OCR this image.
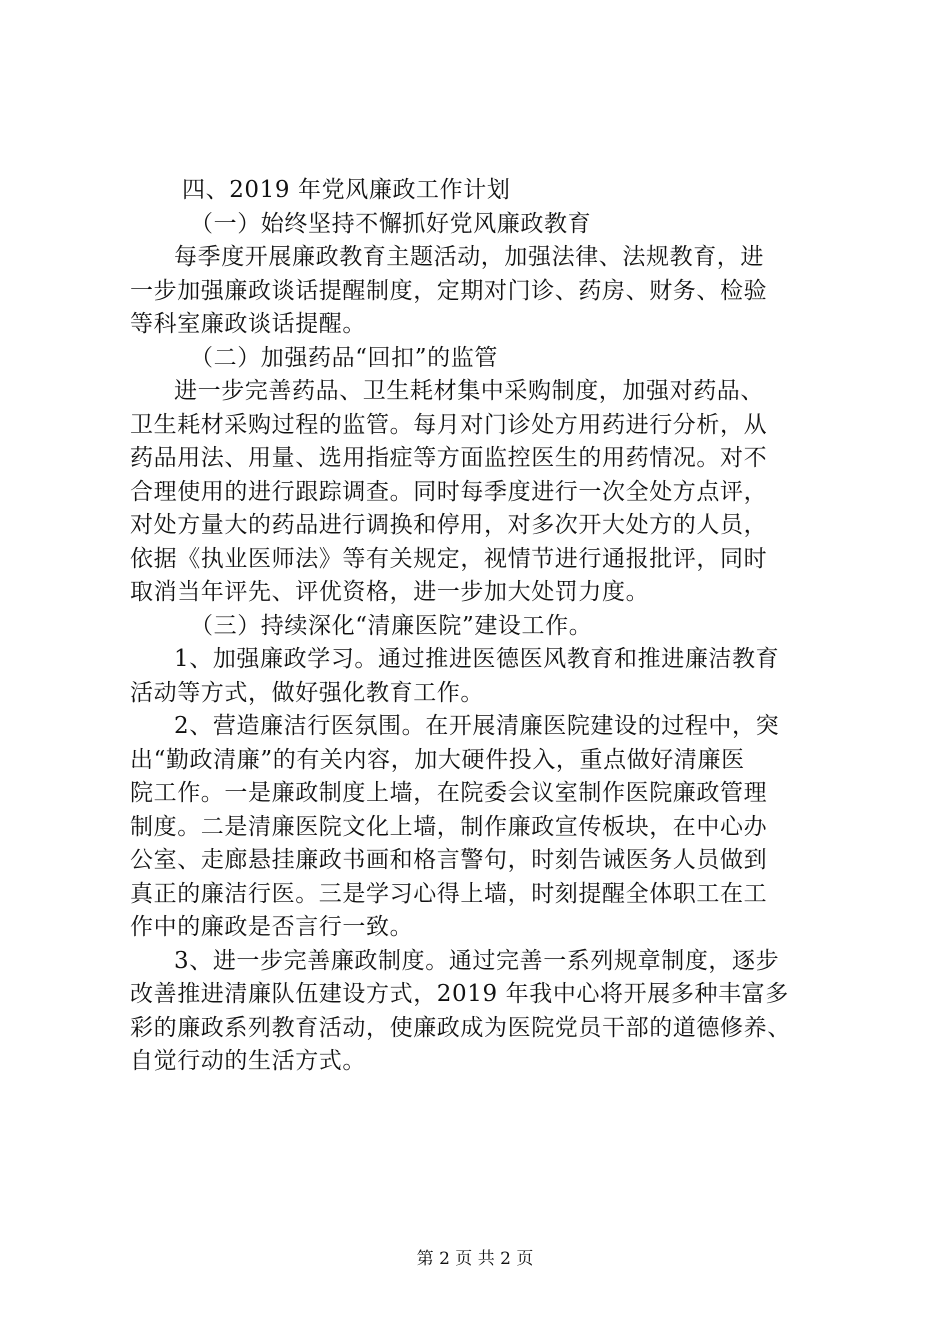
四、2019 年党风廉政工作计划
（一）始终坚持不懈抓好党风廉政教育
每季度开展廉政教育主题活动，加强法律、法规教育，进
一步加强廉政谈话提醒制度，定期对门诊、药房、财务、检验
等科室廉政谈话提醒。
（二）加强药品“回扣”的监管
进一步完善药品、卫生耗材集中采购制度，加强对药品、
卫生耗材采购过程的监管。每月对门诊处方用药进行分析，从
药品用法、用量、选用指症等方面监控医生的用药情况。对不
合理使用的进行跟踪调查。同时每季度进行一次全处方点评，
对处方量大的药品进行调换和停用，对多次开大处方的人员，
依据《执业医师法》等有关规定，视情节进行通报批评，同时
取消当年评先、评优资格，进一步加大处罚力度。
（三）持续深化“清廉医院”建设工作。
1、加强廉政学习。通过推进医德医风教育和推进廉洁教育
活动等方式，做好强化教育工作。
2、营造廉洁行医氛围。在开展清廉医院建设的过程中，突
出“勤政清廉”的有关内容，加大硬件投入，重点做好清廉医
院工作。一是廉政制度上墙，在院委会议室制作医院廉政管理
制度。二是清廉医院文化上墙，制作廉政宣传板块，在中心办
公室、走廊悬挂廉政书画和格言警句，时刻告诫医务人员做到
真正的廉洁行医。三是学习心得上墙，时刻提醒全体职工在工
作中的廉政是否言行一致。
3、进一步完善廉政制度。通过完善一系列规章制度，逐步
改善推进清廉队伍建设方式，2019 年我中心将开展多种丰富多
彩的廉政系列教育活动，使廉政成为医院党员干部的道德修养、
自觉行动的生活方式。
第 2 页 共 2 页
